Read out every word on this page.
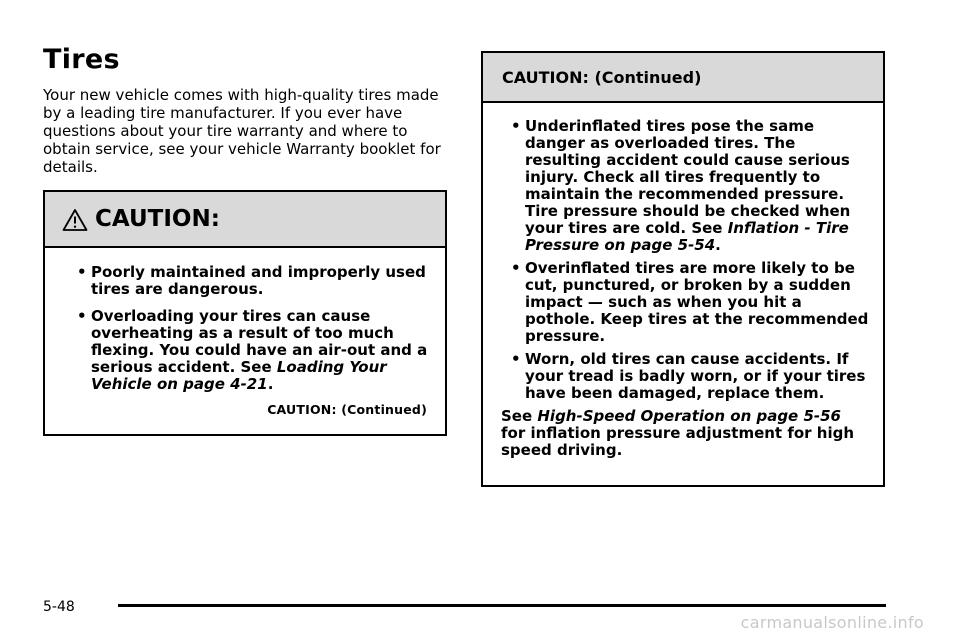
Tires

Your new vehicle comes with high-quality tires made by a leading tire manufacturer. If you ever have questions about your tire warranty and where to obtain service, see your vehicle Warranty booklet for details.

CAUTION:
• Poorly maintained and improperly used tires are dangerous.
• Overloading your tires can cause overheating as a result of too much flexing. You could have an air-out and a serious accident. See Loading Your Vehicle on page 4-21.
CAUTION: (Continued)
CAUTION: (Continued)
• Underinflated tires pose the same danger as overloaded tires. The resulting accident could cause serious injury. Check all tires frequently to maintain the recommended pressure. Tire pressure should be checked when your tires are cold. See Inflation - Tire Pressure on page 5-54.
• Overinflated tires are more likely to be cut, punctured, or broken by a sudden impact — such as when you hit a pothole. Keep tires at the recommended pressure.
• Worn, old tires can cause accidents. If your tread is badly worn, or if your tires have been damaged, replace them.
See High-Speed Operation on page 5-56 for inflation pressure adjustment for high speed driving.
5-48
carmanualsonline.info
